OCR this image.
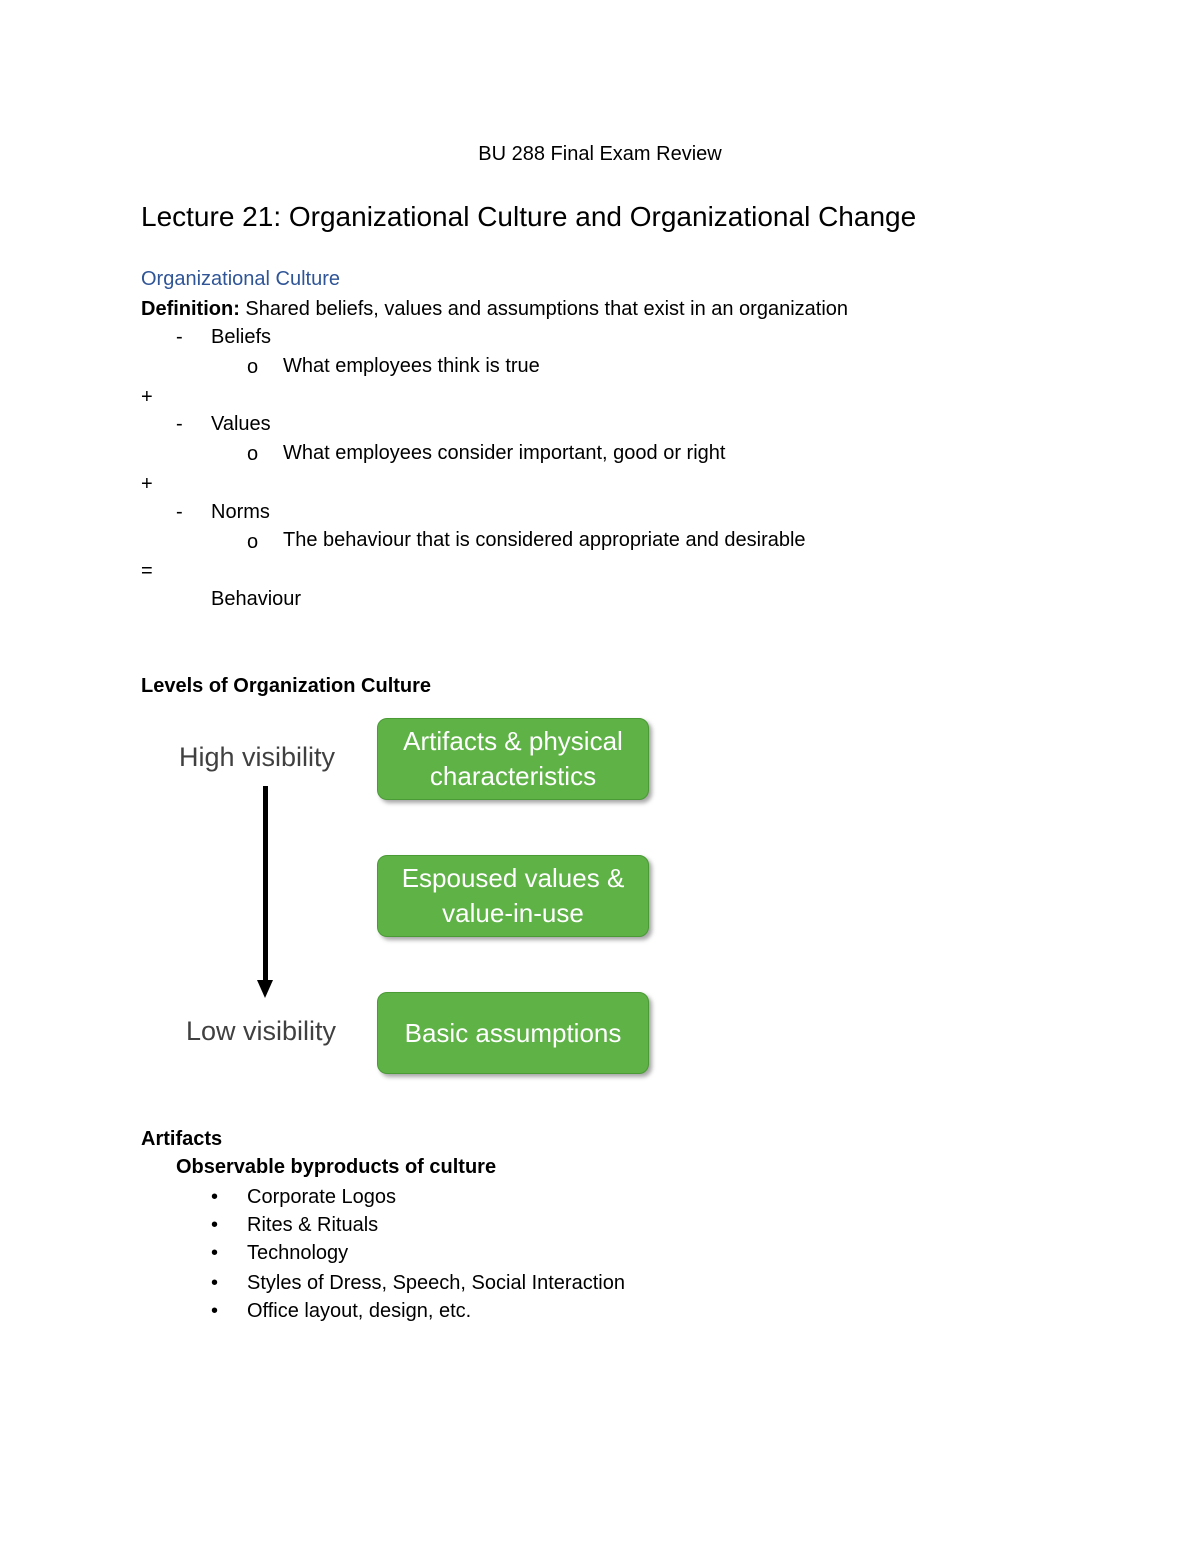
BU 288 Final Exam Review
Lecture 21: Organizational Culture and Organizational Change
Organizational Culture
Definition: Shared beliefs, values and assumptions that exist in an organization
- Beliefs
o What employees think is true
+
- Values
o What employees consider important, good or right
+
- Norms
o The behaviour that is considered appropriate and desirable
=
Behaviour
Levels of Organization Culture
High visibility
Low visibility
Artifacts & physical characteristics
Espoused values & value-in-use
Basic assumptions
Artifacts
Observable byproducts of culture
• Corporate Logos
• Rites & Rituals
• Technology
• Styles of Dress, Speech, Social Interaction
• Office layout, design, etc.
